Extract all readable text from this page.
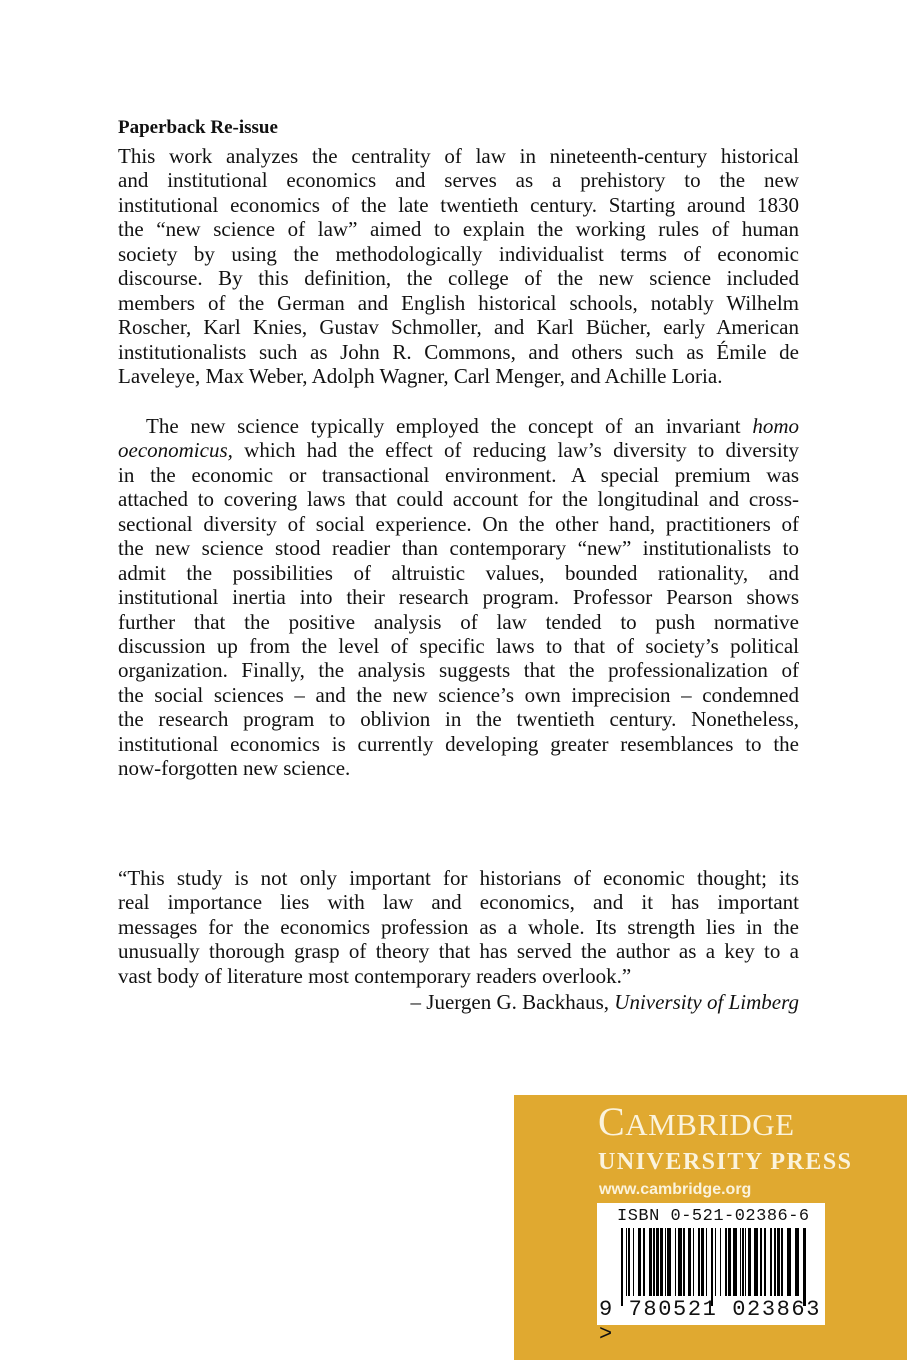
Paperback Re-issue
This work analyzes the centrality of law in nineteenth-century historical
and institutional economics and serves as a prehistory to the new
institutional economics of the late twentieth century. Starting around 1830
the “new science of law” aimed to explain the working rules of human
society by using the methodologically individualist terms of economic
discourse. By this definition, the college of the new science included
members of the German and English historical schools, notably Wilhelm
Roscher, Karl Knies, Gustav Schmoller, and Karl Bücher, early American
institutionalists such as John R. Commons, and others such as Émile de
Laveleye, Max Weber, Adolph Wagner, Carl Menger, and Achille Loria.
The new science typically employed the concept of an invariant homo
oeconomicus, which had the effect of reducing law’s diversity to diversity
in the economic or transactional environment. A special premium was
attached to covering laws that could account for the longitudinal and cross-
sectional diversity of social experience. On the other hand, practitioners of
the new science stood readier than contemporary “new” institutionalists to
admit the possibilities of altruistic values, bounded rationality, and
institutional inertia into their research program. Professor Pearson shows
further that the positive analysis of law tended to push normative
discussion up from the level of specific laws to that of society’s political
organization. Finally, the analysis suggests that the professionalization of
the social sciences – and the new science’s own imprecision – condemned
the research program to oblivion in the twentieth century. Nonetheless,
institutional economics is currently developing greater resemblances to the
now-forgotten new science.
“This study is not only important for historians of economic thought; its
real importance lies with law and economics, and it has important
messages for the economics profession as a whole. Its strength lies in the
unusually thorough grasp of theory that has served the author as a key to a
vast body of literature most contemporary readers overlook.”
– Juergen G. Backhaus, University of Limberg
CAMBRIDGE
UNIVERSITY PRESS
www.cambridge.org
ISBN 0-521-02386-6
9 780521 023863 >
